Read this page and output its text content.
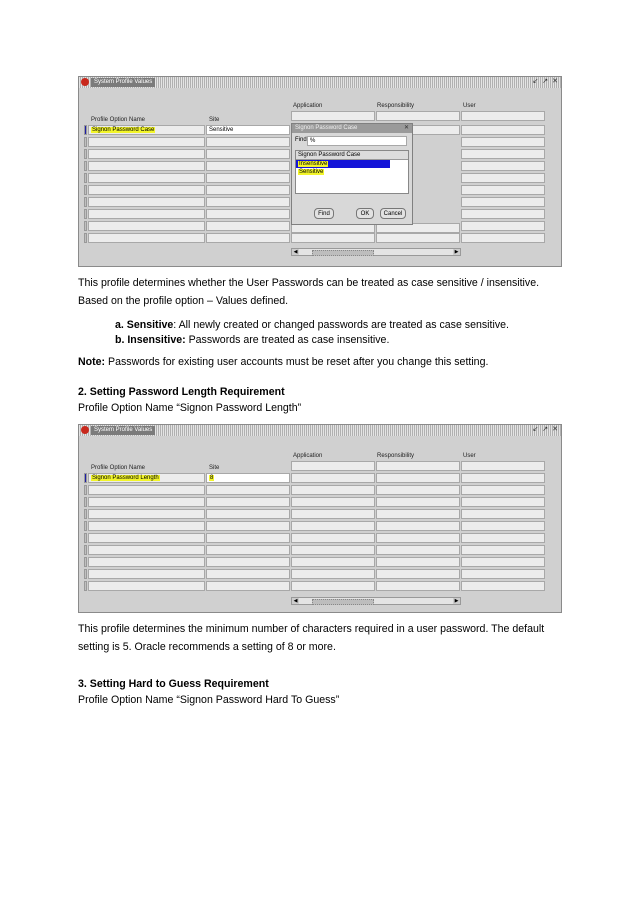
System Profile Values	↙ ↗ ✕
Application	Responsibility	User
Profile Option Name	Site
Signon Password Case	Sensitive
◀	▶
Signon Password Case	✕
Find %
Signon Password Case
Insensitive
Sensitive
Find	OK	Cancel
This profile determines whether the User Passwords can be treated as case sensitive / insensitive.
Based on the profile option – Values defined.
a. Sensitive: All newly created or changed passwords are treated as case sensitive.
b. Insensitive: Passwords are treated as case insensitive.
Note: Passwords for existing user accounts must be reset after you change this setting.
2. Setting Password Length Requirement
Profile Option Name “Signon Password Length”
System Profile Values	↙ ↗ ✕
Application	Responsibility	User
Profile Option Name	Site
Signon Password Length	8
◀	▶
This profile determines the minimum number of characters required in a user password. The default
setting is 5. Oracle recommends a setting of 8 or more.
3. Setting Hard to Guess Requirement
Profile Option Name “Signon Password Hard To Guess”
